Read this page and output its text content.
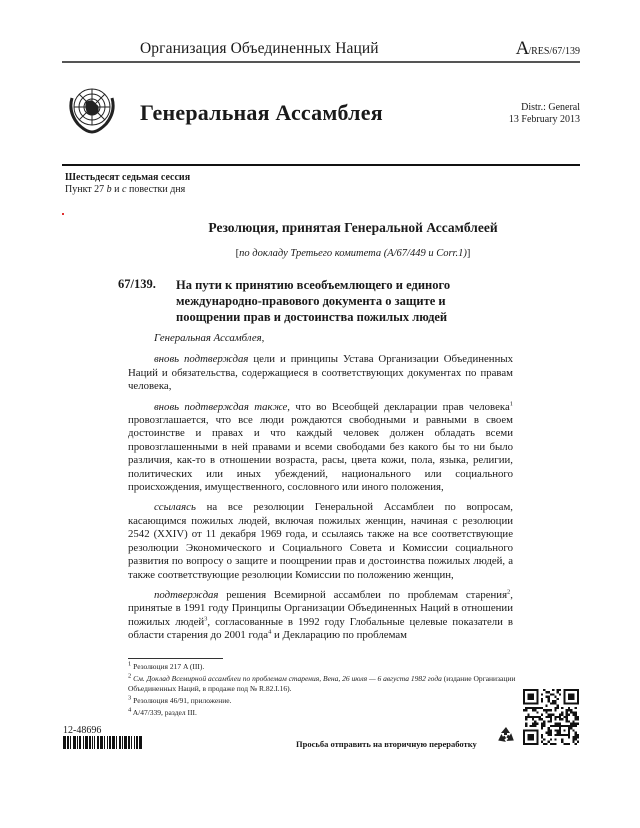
Организация Объединенных Наций	A/RES/67/139
Генеральная Ассамблея	Distr.: General
13 February 2013
Шестьдесят седьмая сессия
Пункт 27 b и c повестки дня
Резолюция, принятая Генеральной Ассамблеей
[по докладу Третьего комитета (A/67/449 и Corr.1)]
67/139. На пути к принятию всеобъемлющего и единого международно-правового документа о защите и поощрении прав и достоинства пожилых людей

Генеральная Ассамблея,

вновь подтверждая цели и принципы Устава Организации Объединенных Наций и обязательства, содержащиеся в соответствующих документах по правам человека,

вновь подтверждая также, что во Всеобщей декларации прав человека$^1$ провозглашается, что все люди рождаются свободными и равными в своем достоинстве и правах и что каждый человек должен обладать всеми провозглашенными в ней правами и всеми свободами без какого бы то ни было различия, как-то в отношении возраста, расы, цвета кожи, пола, языка, религии, политических или иных убеждений, национального или социального происхождения, имущественного, сословного или иного положения,

ссылаясь на все резолюции Генеральной Ассамблеи по вопросам, касающимся пожилых людей, включая пожилых женщин, начиная с резолюции 2542 (XXIV) от 11 декабря 1969 года, и ссылаясь также на все соответствующие резолюции Экономического и Социального Совета и Комиссии социального развития по вопросу о защите и поощрении прав и достоинства пожилых людей, а также соответствующие резолюции Комиссии по положению женщин,

подтверждая решения Всемирной ассамблеи по проблемам старения$^2$, принятые в 1991 году Принципы Организации Объединенных Наций в отношении пожилых людей$^3$, согласованные в 1992 году Глобальные целевые показатели в области старения до 2001 года$^4$ и Декларацию по проблемам

$^1$ Резолюция 217 A (III).
$^2$ См. Доклад Всемирной ассамблеи по проблемам старения, Вена, 26 июля — 6 августа 1982 года (издание Организации Объединенных Наций, в продаже под № R.82.I.16).
$^3$ Резолюция 46/91, приложение.
$^4$ A/47/339, раздел III.
12-48696
Просьба отправить на вторичную переработку
